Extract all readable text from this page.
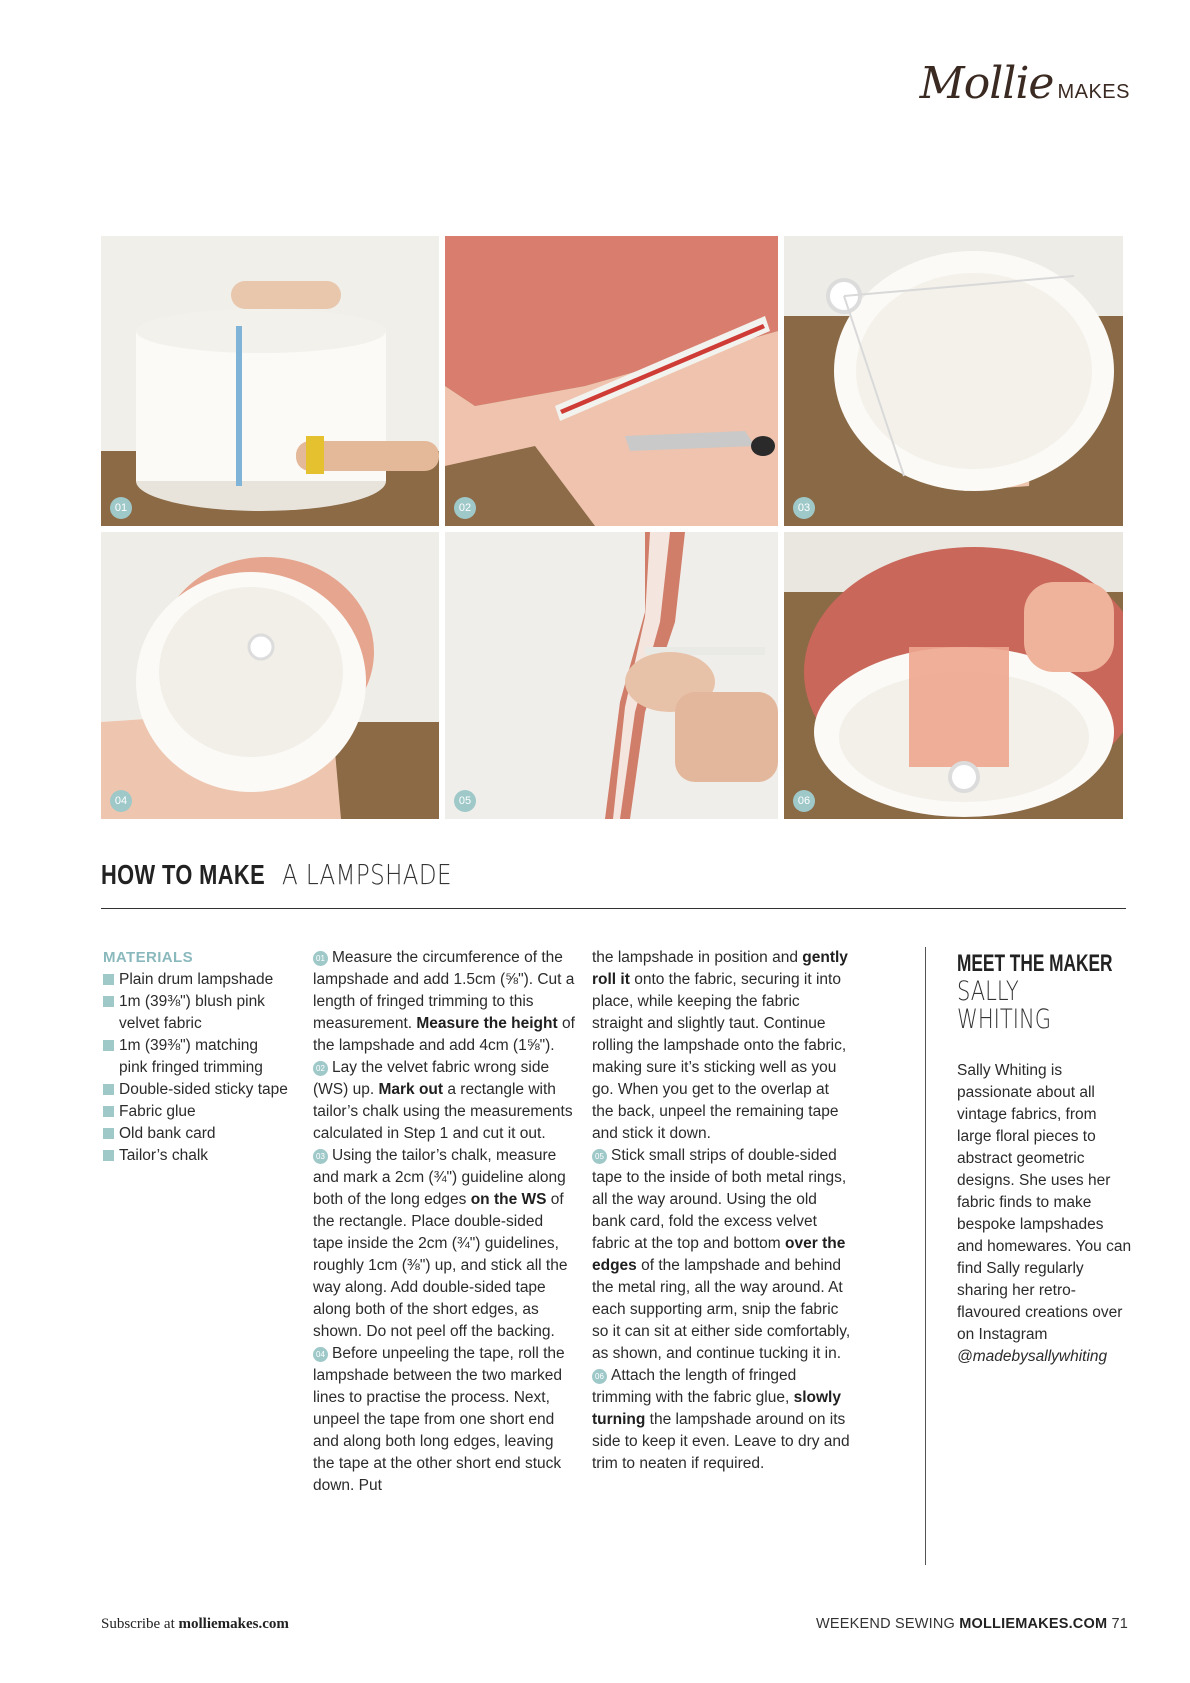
Mollie MAKES
01	02	03
04	05	06
HOW TO MAKE A LAMPSHADE
MATERIALS
Plain drum lampshade
1m (39⅜") blush pink velvet fabric
1m (39⅜") matching pink fringed trimming
Double-sided sticky tape
Fabric glue
Old bank card
Tailor’s chalk

01 Measure the circumference of the lampshade and add 1.5cm (⅝"). Cut a length of fringed trimming to this measurement. Measure the height of the lampshade and add 4cm (1⅝").

02 Lay the velvet fabric wrong side (WS) up. Mark out a rectangle with tailor’s chalk using the measurements calculated in Step 1 and cut it out.

03 Using the tailor’s chalk, measure and mark a 2cm (¾") guideline along both of the long edges on the WS of the rectangle. Place double-sided tape inside the 2cm (¾") guidelines, roughly 1cm (⅜") up, and stick all the way along. Add double-sided tape along both of the short edges, as shown. Do not peel off the backing.

04 Before unpeeling the tape, roll the lampshade between the two marked lines to practise the process. Next, unpeel the tape from one short end and along both long edges, leaving the tape at the other short end stuck down. Put

the lampshade in position and gently roll it onto the fabric, securing it into place, while keeping the fabric straight and slightly taut. Continue rolling the lampshade onto the fabric, making sure it’s sticking well as you go. When you get to the overlap at the back, unpeel the remaining tape and stick it down.

05 Stick small strips of double-sided tape to the inside of both metal rings, all the way around. Using the old bank card, fold the excess velvet fabric at the top and bottom over the edges of the lampshade and behind the metal ring, all the way around. At each supporting arm, snip the fabric so it can sit at either side comfortably, as shown, and continue tucking it in.

06 Attach the length of fringed trimming with the fabric glue, slowly turning the lampshade around on its side to keep it even. Leave to dry and trim to neaten if required.

MEET THE MAKER
SALLY
WHITING
Sally Whiting is passionate about all vintage fabrics, from large floral pieces to abstract geometric designs. She uses her fabric finds to make bespoke lampshades and homewares. You can find Sally regularly sharing her retro-flavoured creations over on Instagram @madebysallywhiting
Subscribe at molliemakes.com	WEEKEND SEWING MOLLIEMAKES.COM 71
